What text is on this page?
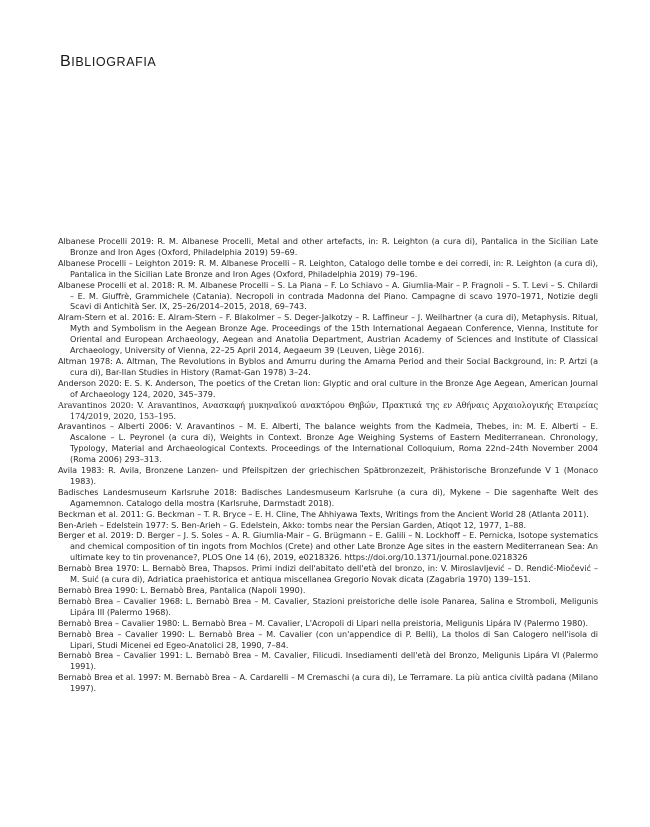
BIBLIOGRAFIA
Albanese Procelli 2019: R. M. Albanese Procelli, Metal and other artefacts, in: R. Leighton (a cura di), Pantalica in the Sicilian Late Bronze and Iron Ages (Oxford, Philadelphia 2019) 59–69.
Albanese Procelli – Leighton 2019: R. M. Albanese Procelli – R. Leighton, Catalogo delle tombe e dei corredi, in: R. Leighton (a cura di), Pantalica in the Sicilian Late Bronze and Iron Ages (Oxford, Philadelphia 2019) 79–196.
Albanese Procelli et al. 2018: R. M. Albanese Procelli – S. La Piana – F. Lo Schiavo – A. Giumlia-Mair – P. Fragnoli – S. T. Levi – S. Chilardi – E. M. Giuffrè, Grammichele (Catania). Necropoli in contrada Madonna del Piano. Campagne di scavo 1970–1971, Notizie degli Scavi di Antichità Ser. IX, 25–26/2014–2015, 2018, 69–743.
Alram-Stern et al. 2016: E. Alram-Stern – F. Blakolmer – S. Deger-Jalkotzy – R. Laffineur – J. Weilhartner (a cura di), Metaphysis. Ritual, Myth and Symbolism in the Aegean Bronze Age. Proceedings of the 15th International Aegaean Conference, Vienna, Institute for Oriental and European Archaeology, Aegean and Anatolia Department, Austrian Academy of Sciences and Institute of Classical Archaeology, University of Vienna, 22–25 April 2014, Aegaeum 39 (Leuven, Liège 2016).
Altman 1978: A. Altman, The Revolutions in Byblos and Amurru during the Amarna Period and their Social Background, in: P. Artzi (a cura di), Bar-Ilan Studies in History (Ramat-Gan 1978) 3–24.
Anderson 2020: E. S. K. Anderson, The poetics of the Cretan lion: Glyptic and oral culture in the Bronze Age Aegean, American Journal of Archaeology 124, 2020, 345–379.
Aravantinos 2020: V. Aravantinos, Ανασκαφή μυκηναϊκού ανακτόρου Θηβών, Πρακτικά της εν Αθήναις Αρχαιολογικής Εταιρείας 174/2019, 2020, 153–195.
Aravantinos – Alberti 2006: V. Aravantinos – M. E. Alberti, The balance weights from the Kadmeia, Thebes, in: M. E. Alberti – E. Ascalone – L. Peyronel (a cura di), Weights in Context. Bronze Age Weighing Systems of Eastern Mediterranean. Chronology, Typology, Material and Archaeological Contexts. Proceedings of the International Colloquium, Roma 22nd–24th November 2004 (Roma 2006) 293–313.
Avila 1983: R. Avila, Bronzene Lanzen- und Pfeilspitzen der griechischen Spätbronzezeit, Prähistorische Bronzefunde V 1 (Monaco 1983).
Badisches Landesmuseum Karlsruhe 2018: Badisches Landesmuseum Karlsruhe (a cura di), Mykene – Die sagenhafte Welt des Agamemnon. Catalogo della mostra (Karlsruhe, Darmstadt 2018).
Beckman et al. 2011: G. Beckman – T. R. Bryce – E. H. Cline, The Ahhiyawa Texts, Writings from the Ancient World 28 (Atlanta 2011).
Ben-Arieh – Edelstein 1977: S. Ben-Arieh – G. Edelstein, Akko: tombs near the Persian Garden, Atiqot 12, 1977, 1–88.
Berger et al. 2019: D. Berger – J. S. Soles – A. R. Giumlia-Mair – G. Brügmann – E. Galili – N. Lockhoff – E. Pernicka, Isotope systematics and chemical composition of tin ingots from Mochlos (Crete) and other Late Bronze Age sites in the eastern Mediterranean Sea: An ultimate key to tin provenance?, PLOS One 14 (6), 2019, e0218326. https://doi.org/10.1371/journal.pone.0218326
Bernabò Brea 1970: L. Bernabò Brea, Thapsos. Primi indizi dell'abitato dell'età del bronzo, in: V. Miroslavljević – D. Rendić-Miočević – M. Suić (a cura di), Adriatica praehistorica et antiqua miscellanea Gregorio Novak dicata (Zagabria 1970) 139–151.
Bernabò Brea 1990: L. Bernabò Brea, Pantalica (Napoli 1990).
Bernabò Brea – Cavalier 1968: L. Bernabò Brea – M. Cavalier, Stazioni preistoriche delle isole Panarea, Salina e Stromboli, Meligunis Lipára III (Palermo 1968).
Bernabò Brea – Cavalier 1980: L. Bernabò Brea – M. Cavalier, L'Acropoli di Lipari nella preistoria, Meligunis Lipára IV (Palermo 1980).
Bernabò Brea – Cavalier 1990: L. Bernabò Brea – M. Cavalier (con un'appendice di P. Belli), La tholos di San Calogero nell'isola di Lipari, Studi Micenei ed Egeo-Anatolici 28, 1990, 7–84.
Bernabò Brea – Cavalier 1991: L. Bernabò Brea – M. Cavalier, Filicudi. Insediamenti dell'età del Bronzo, Meligunis Lipára VI (Palermo 1991).
Bernabò Brea et al. 1997: M. Bernabò Brea – A. Cardarelli – M Cremaschi (a cura di), Le Terramare. La più antica civiltà padana (Milano 1997).
